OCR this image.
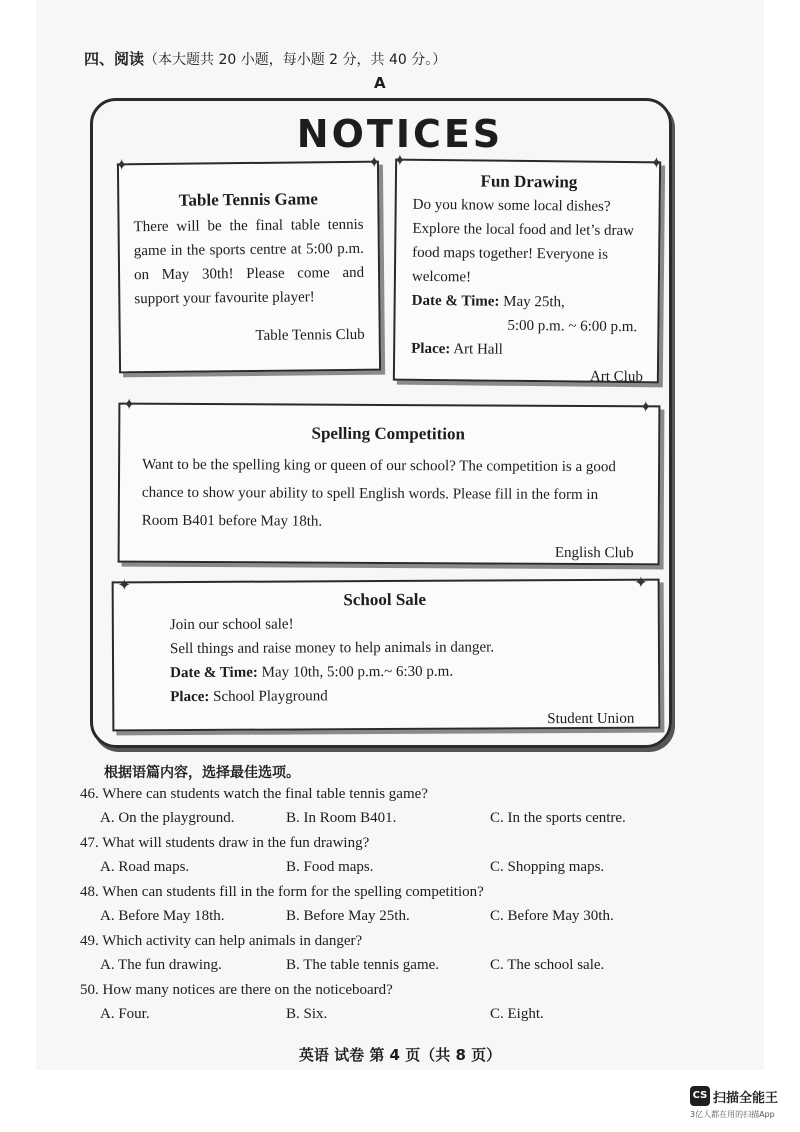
四、阅读（本大题共 20 小题，每小题 2 分，共 40 分。）
A
NOTICES
✦	✦
Table Tennis Game
There will be the final table tennis game in the sports centre at 5:00 p.m. on May 30th! Please come and support your favourite player!
Table Tennis Club
✦	✦
Fun Drawing
Do you know some local dishes? Explore the local food and let’s draw food maps together! Everyone is welcome!
Date & Time: May 25th,
5:00 p.m. ~ 6:00 p.m.
Place: Art Hall
Art Club
✦	✦
Spelling Competition
Want to be the spelling king or queen of our school? The competition is a good chance to show your ability to spell English words. Please fill in the form in Room B401 before May 18th.
English Club
✦	✦
School Sale
Join our school sale!
Sell things and raise money to help animals in danger.
Date & Time: May 10th, 5:00 p.m.~ 6:30 p.m.
Place: School Playground
Student Union
根据语篇内容，选择最佳选项。
46. Where can students watch the final table tennis game?
A. On the playground.	B. In Room B401.	C. In the sports centre.
47. What will students draw in the fun drawing?
A. Road maps.	B. Food maps.	C. Shopping maps.
48. When can students fill in the form for the spelling competition?
A. Before May 18th.	B. Before May 25th.	C. Before May 30th.
49. Which activity can help animals in danger?
A. The fun drawing.	B. The table tennis game.	C. The school sale.
50. How many notices are there on the noticeboard?
A. Four.	B. Six.	C. Eight.
英语 试卷 第 4 页（共 8 页）
CS 扫描全能王
3亿人都在用的扫描App
